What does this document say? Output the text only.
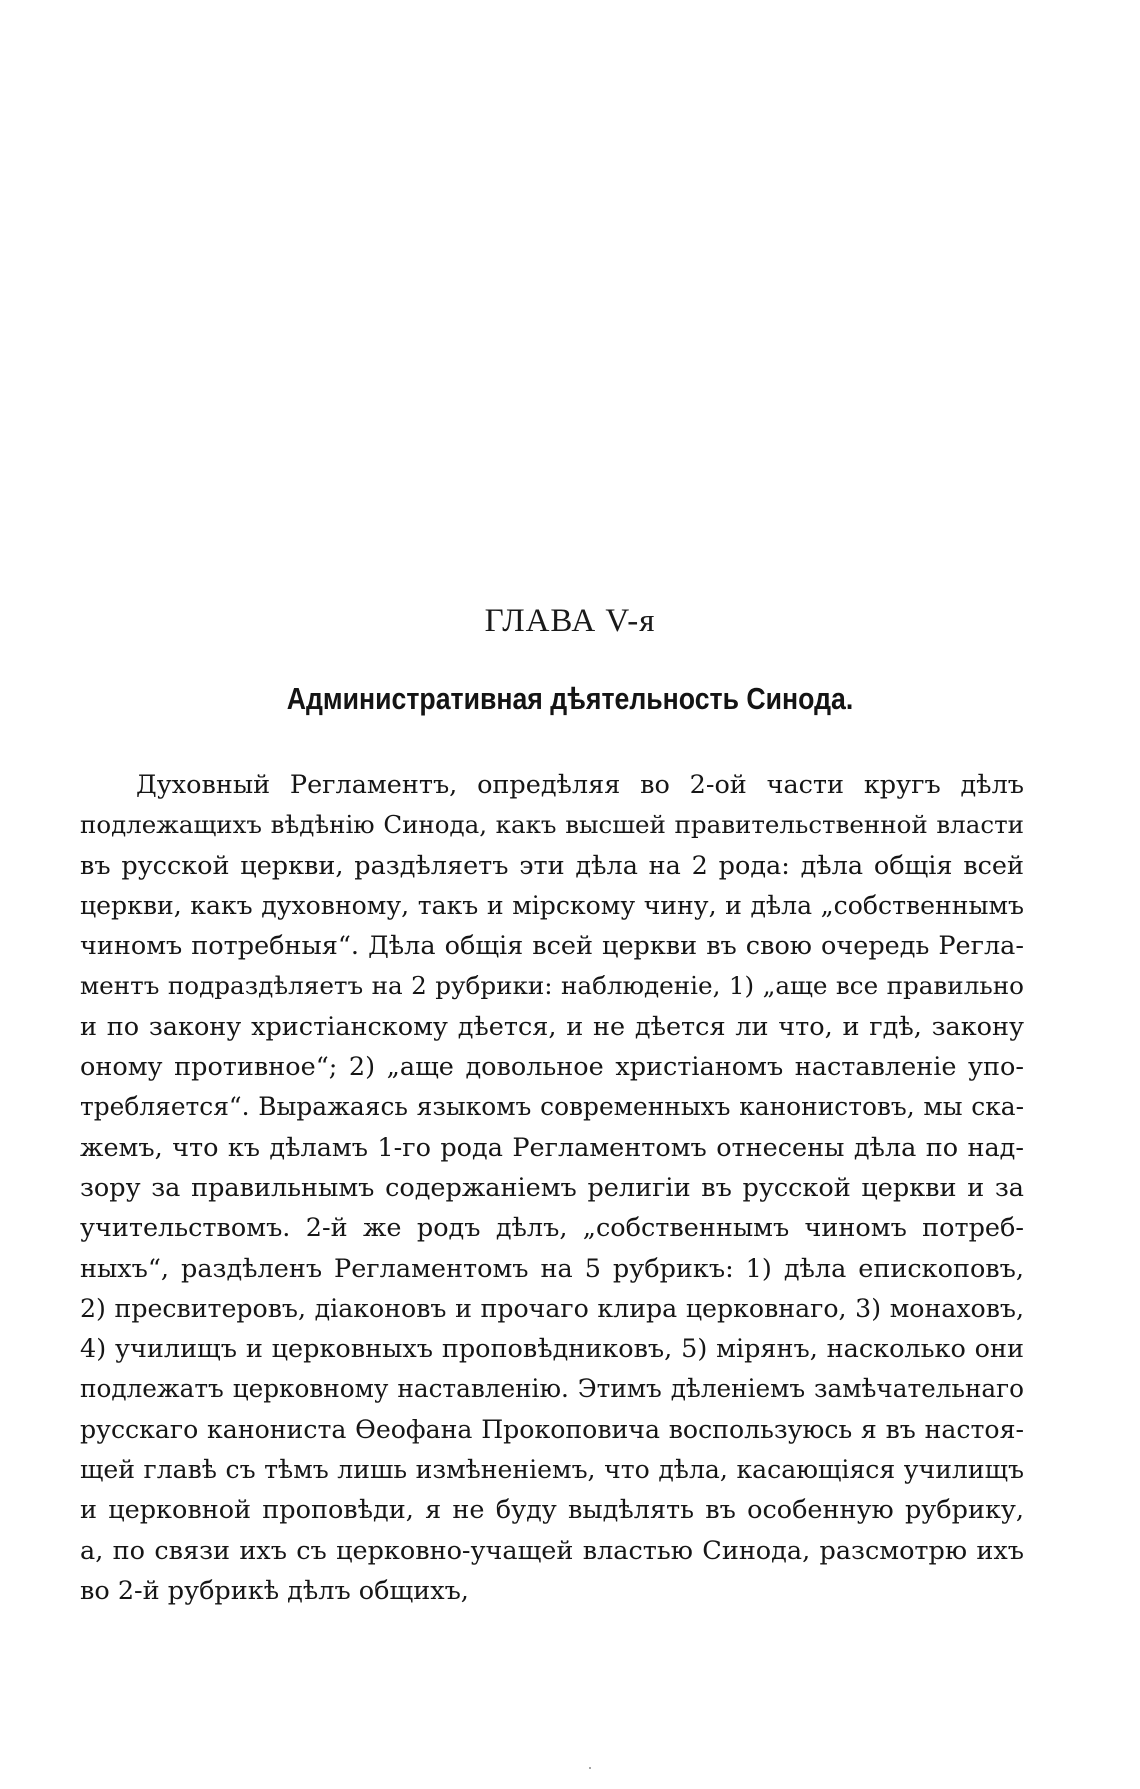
ГЛАВА V-я
Административная дѣятельность Синода.
Духовный Регламентъ, опредѣляя во 2-ой части кругъ дѣлъ
подлежащихъ вѣдѣнію Синода, какъ высшей правительственной власти
въ русской церкви, раздѣляетъ эти дѣла на 2 рода: дѣла общія всей
церкви, какъ духовному, такъ и мірскому чину, и дѣла „собственнымъ
чиномъ потребныя“. Дѣла общія всей церкви въ свою очередь Регла-
ментъ подраздѣляетъ на 2 рубрики: наблюденіе, 1) „аще все правильно
и по закону христіанскому дѣется, и не дѣется ли что, и гдѣ, закону
оному противное“; 2) „аще довольное христіаномъ наставленіе упо-
требляется“. Выражаясь языкомъ современныхъ канонистовъ, мы ска-
жемъ, что къ дѣламъ 1-го рода Регламентомъ отнесены дѣла по над-
зору за правильнымъ содержаніемъ религіи въ русской церкви и за
учительствомъ. 2-й же родъ дѣлъ, „собственнымъ чиномъ потреб-
ныхъ“, раздѣленъ Регламентомъ на 5 рубрикъ: 1) дѣла епископовъ,
2) пресвитеровъ, діаконовъ и прочаго клира церковнаго, 3) монаховъ,
4) училищъ и церковныхъ проповѣдниковъ, 5) мірянъ, насколько они
подлежатъ церковному наставленію. Этимъ дѣленіемъ замѣчательнаго
русскаго канониста Ѳеофана Прокоповича воспользуюсь я въ настоя-
щей главѣ съ тѣмъ лишь измѣненіемъ, что дѣла, касающіяся училищъ
и церковной проповѣди, я не буду выдѣлять въ особенную рубрику,
а, по связи ихъ съ церковно-учащей властью Синода, разсмотрю ихъ
во 2-й рубрикѣ дѣлъ общихъ,
